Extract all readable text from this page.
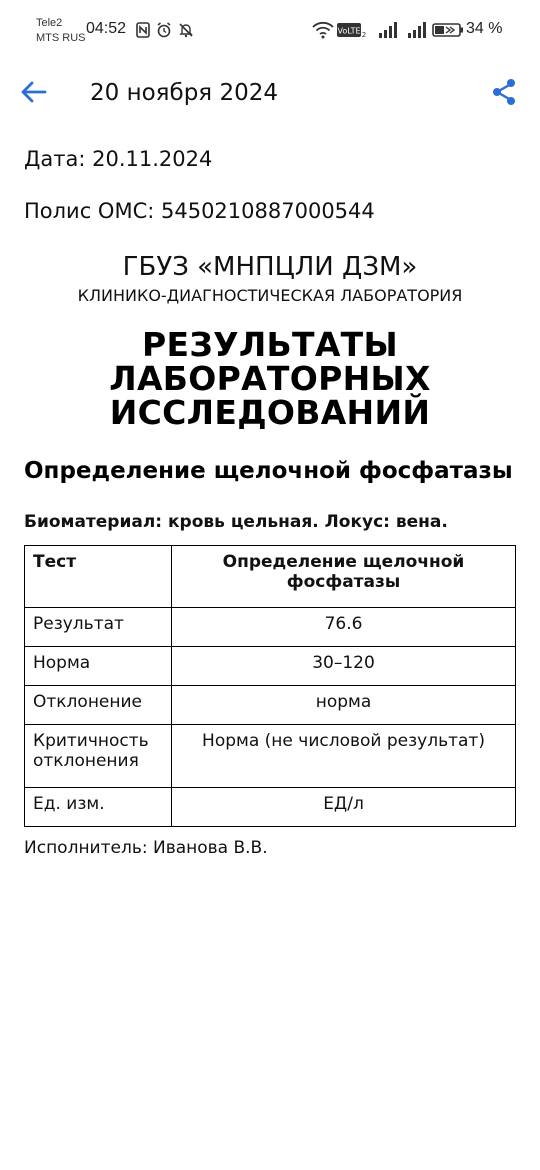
Tele2
MTS RUS
04:52	VoLTE 2	34 %
20 ноября 2024
Дата: 20.11.2024
Полис ОМС: 5450210887000544
ГБУЗ «МНПЦЛИ ДЗМ»
КЛИНИКО-ДИАГНОСТИЧЕСКАЯ ЛАБОРАТОРИЯ
РЕЗУЛЬТАТЫ
ЛАБОРАТОРНЫХ
ИССЛЕДОВАНИЙ
Определение щелочной фосфатазы
Биоматериал: кровь цельная. Локус: вена.
Тест	Определение щелочной фосфатазы
Результат	76.6
Норма	30–120
Отклонение	норма
Критичность отклонения	Норма (не числовой результат)
Ед. изм.	ЕД/л
Исполнитель: Иванова В.В.
